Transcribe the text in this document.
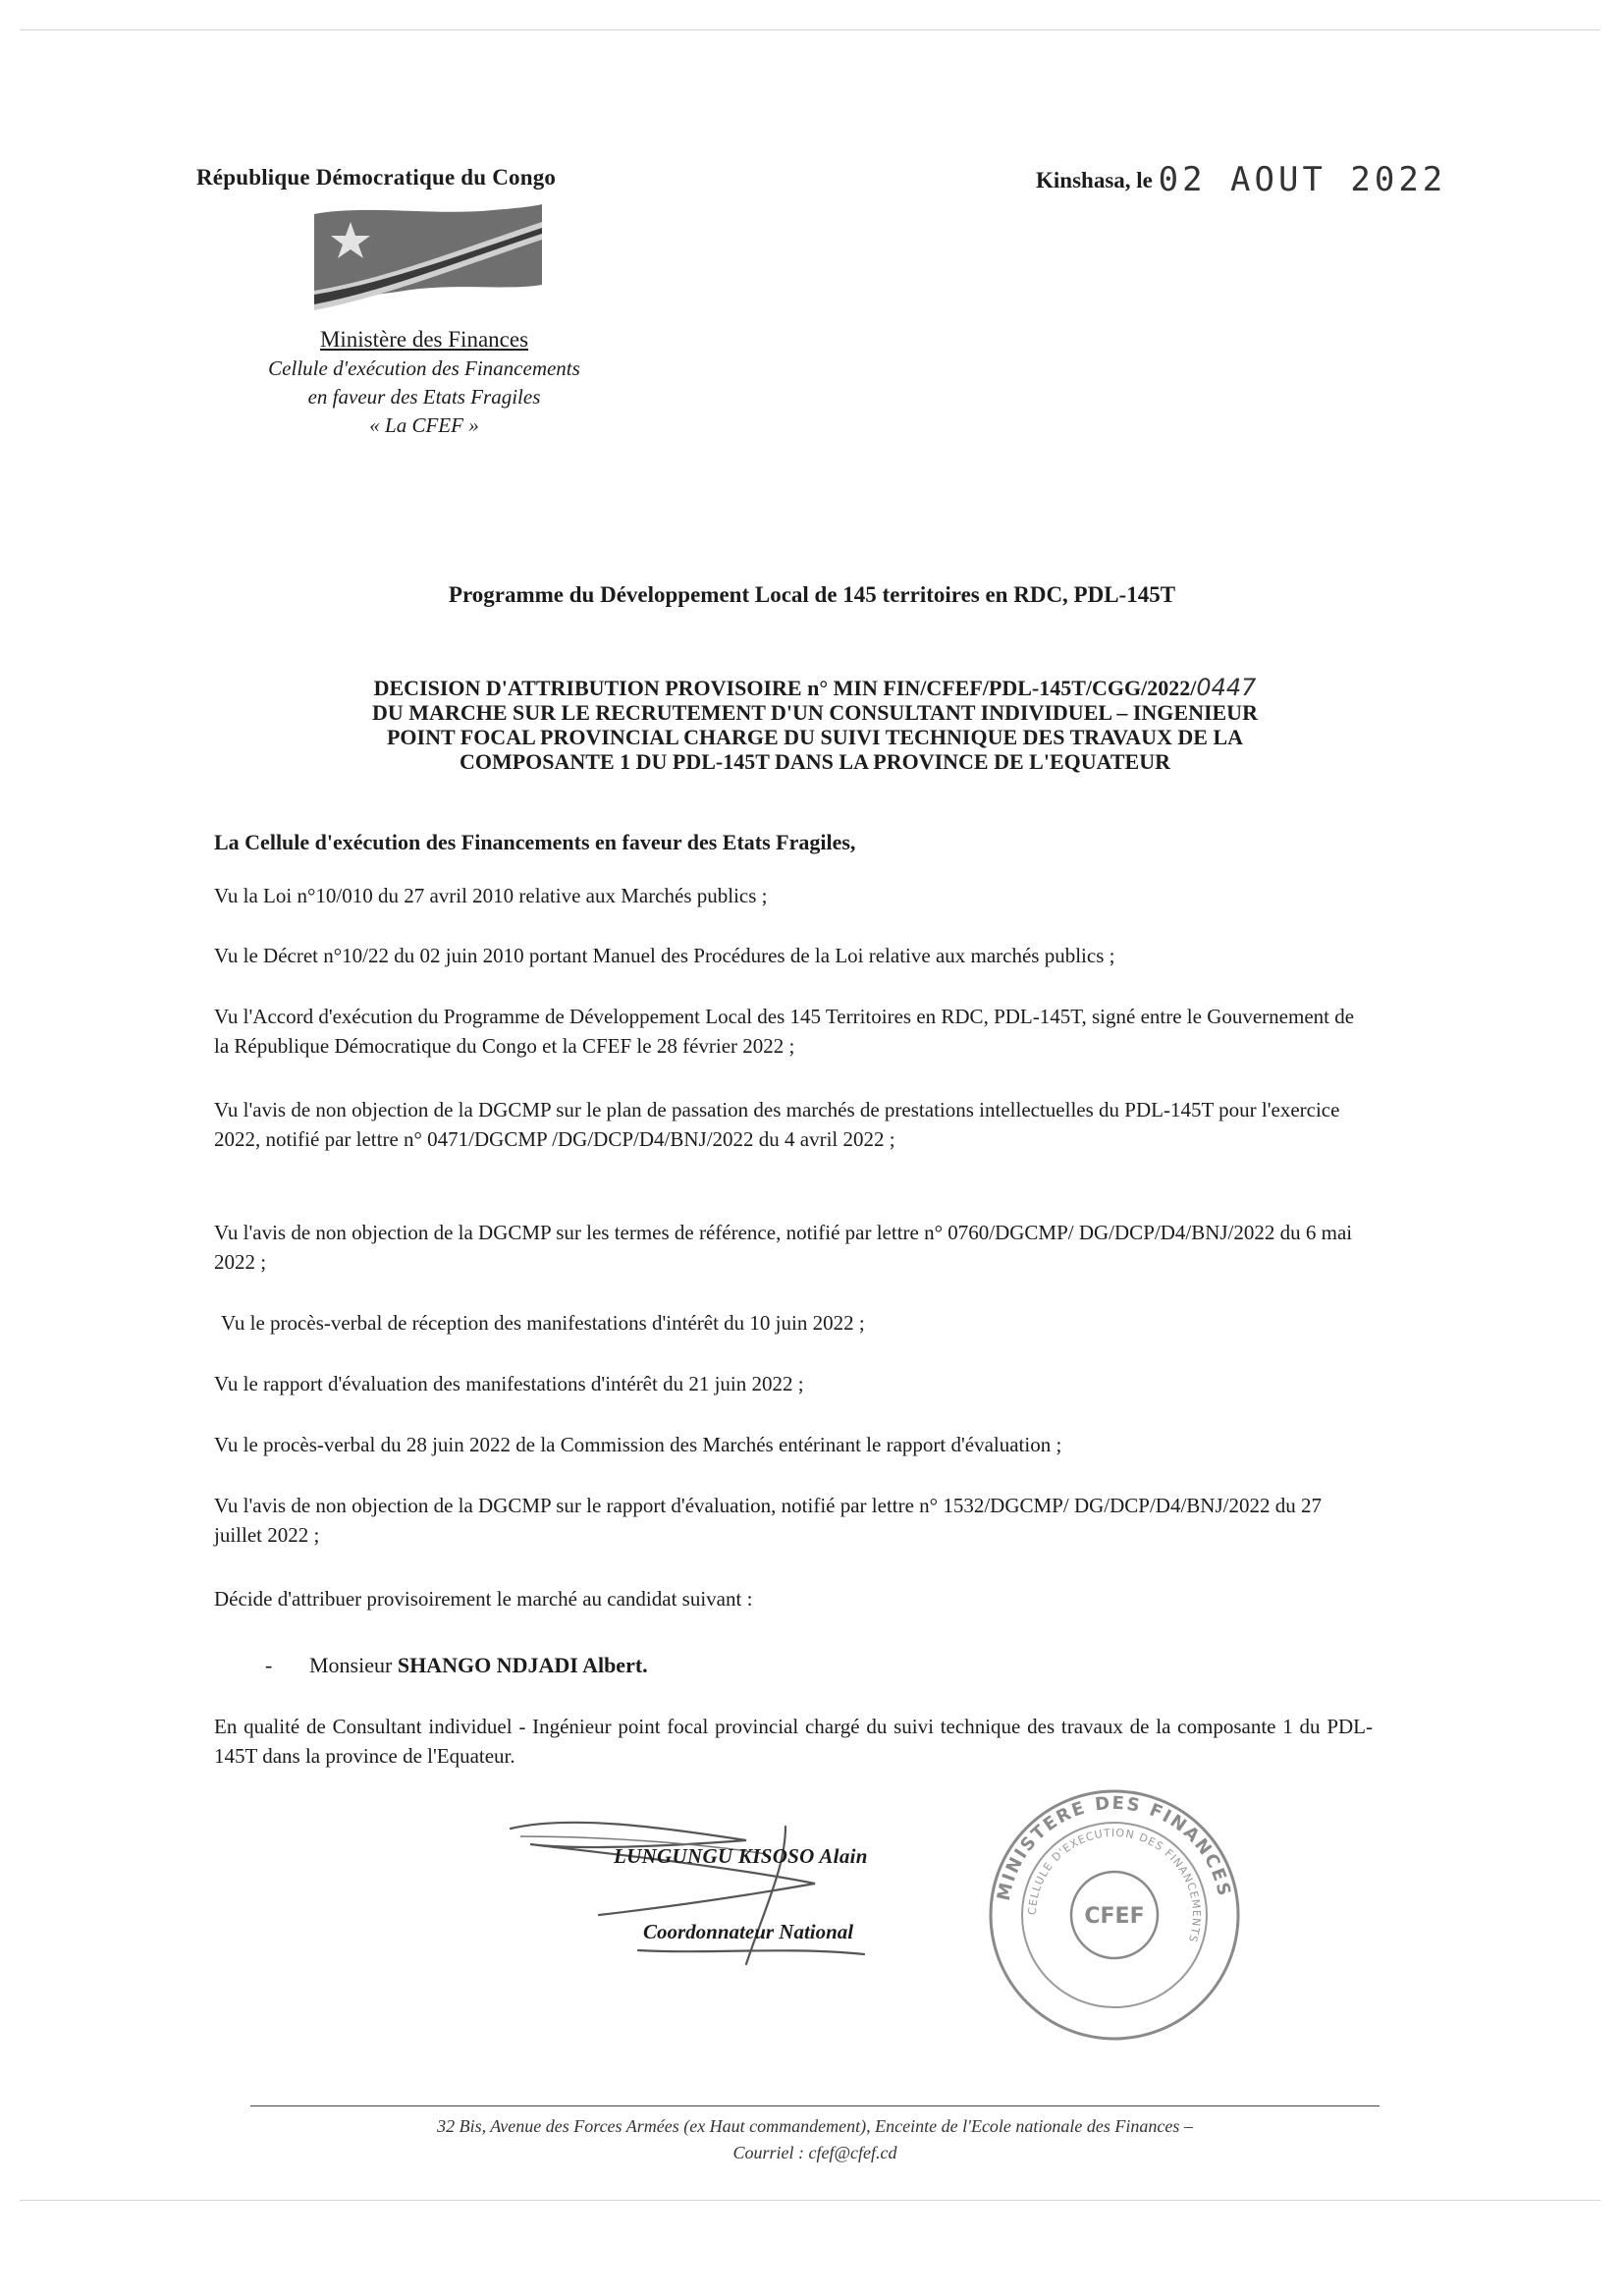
République Démocratique du Congo	Kinshasa, le 02 AOUT 2022
Ministère des Finances
Cellule d'exécution des Financements
en faveur des Etats Fragiles
« La CFEF »
Programme du Développement Local de 145 territoires en RDC, PDL-145T
DECISION D'ATTRIBUTION PROVISOIRE n° MIN FIN/CFEF/PDL-145T/CGG/2022/0447
DU MARCHE SUR LE RECRUTEMENT D'UN CONSULTANT INDIVIDUEL – INGENIEUR
POINT FOCAL PROVINCIAL CHARGE DU SUIVI TECHNIQUE DES TRAVAUX DE LA
COMPOSANTE 1 DU PDL-145T DANS LA PROVINCE DE L'EQUATEUR
La Cellule d'exécution des Financements en faveur des Etats Fragiles,
Vu la Loi n°10/010 du 27 avril 2010 relative aux Marchés publics ;
Vu le Décret n°10/22 du 02 juin 2010 portant Manuel des Procédures de la Loi relative aux marchés publics ;
Vu l'Accord d'exécution du Programme de Développement Local des 145 Territoires en RDC, PDL-145T, signé entre le Gouvernement de la République Démocratique du Congo et la CFEF le 28 février 2022 ;
Vu l'avis de non objection de la DGCMP sur le plan de passation des marchés de prestations intellectuelles du PDL-145T pour l'exercice 2022, notifié par lettre n° 0471/DGCMP /DG/DCP/D4/BNJ/2022 du 4 avril 2022 ;
Vu l'avis de non objection de la DGCMP sur les termes de référence, notifié par lettre n° 0760/DGCMP/ DG/DCP/D4/BNJ/2022 du 6 mai 2022 ;
Vu le procès-verbal de réception des manifestations d'intérêt du 10 juin 2022 ;
Vu le rapport d'évaluation des manifestations d'intérêt du 21 juin 2022 ;
Vu le procès-verbal du 28 juin 2022 de la Commission des Marchés entérinant le rapport d'évaluation ;
Vu l'avis de non objection de la DGCMP sur le rapport d'évaluation, notifié par lettre n° 1532/DGCMP/ DG/DCP/D4/BNJ/2022 du 27 juillet 2022 ;
Décide d'attribuer provisoirement le marché au candidat suivant :
- Monsieur SHANGO NDJADI Albert.
En qualité de Consultant individuel - Ingénieur point focal provincial chargé du suivi technique des travaux de la composante 1 du PDL-145T dans la province de l'Equateur.
LUNGUNGU KISOSO Alain
Coordonnateur National
MINISTERE DES FINANCES
CELLULE D'EXECUTION DES FINANCEMENTS
CFEF
32 Bis, Avenue des Forces Armées (ex Haut commandement), Enceinte de l'Ecole nationale des Finances –
Courriel : cfef@cfef.cd
